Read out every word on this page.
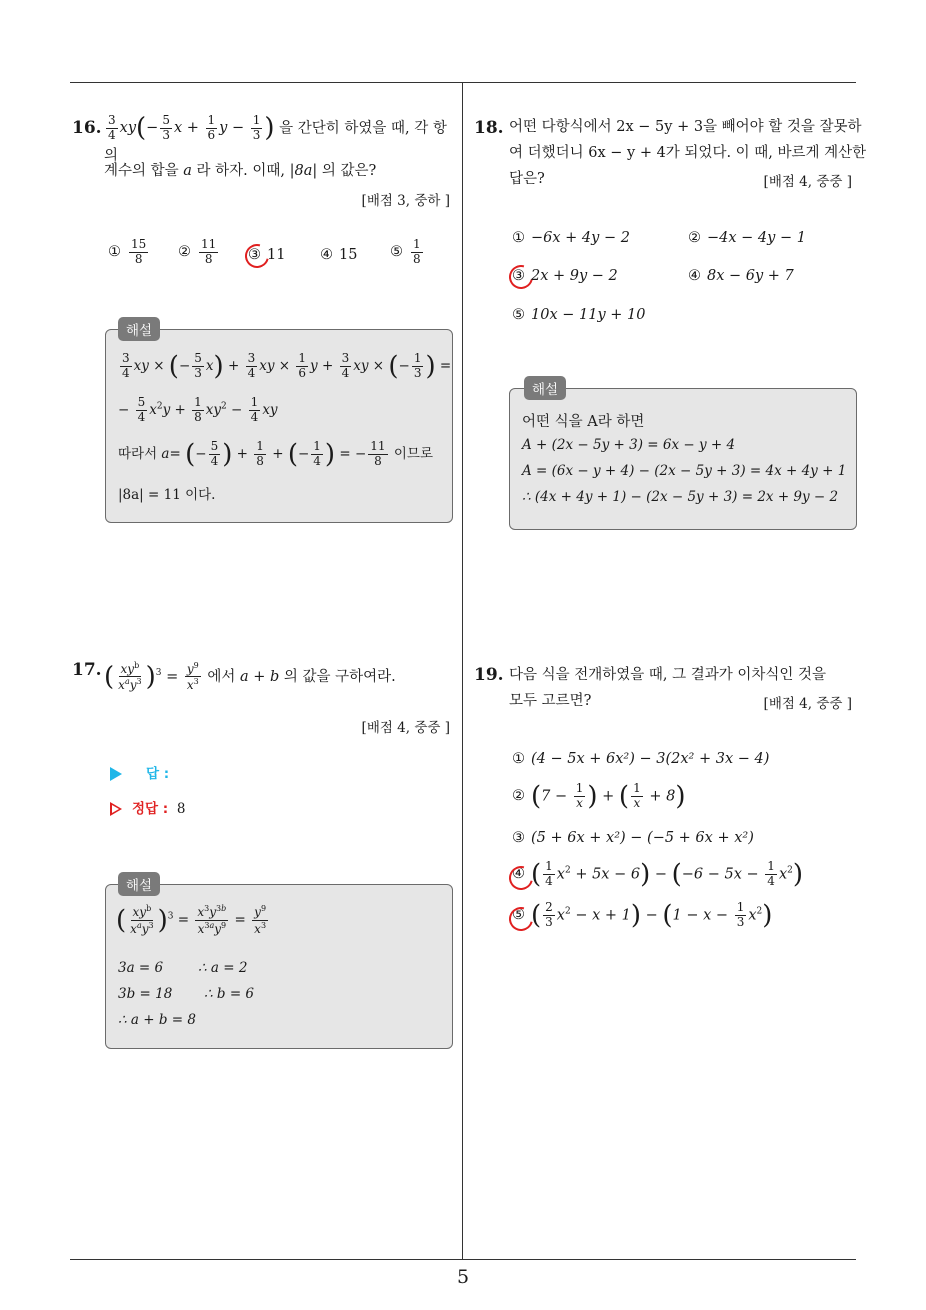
16. $\frac{3}{4} xy(- \frac{5}{3}$ $x + \frac{1}{6}$ $y - \frac{1}{3}$ ) 을 간단히 하였을 때, 각 항의
계수의 합을 a 라 하자. 이때, |8a| 의 값은?
[배점 3, 중하 ]
① $\frac{15}{8}$ ② $\frac{11}{8}$ ③ 11 ④ 15 ⑤ $\frac{1}{8}$
해설
$\frac{3}{4}$ xy × (− $\frac{5}{3} x) + \frac{3}{4}$ xy × $\frac{1}{6}$ $y + \frac{3}{4}$ xy × (− $\frac{1}{3}$ ) =
− $\frac{5}{4} x^2y + \frac{1}{8} xy^2 - \frac{1}{4}$ xy
따라서 a= (− $\frac{5}{4}$ ) + $\frac{1}{8}$ + (− $\frac{1}{4}$ ) = − $\frac{11}{8}$ 이므로
|8a| = 11 이다.
17. ( $\frac{xy^b}{x^ay^3} )^3 = \frac{y^9}{x^3}$ 에서 a + b 의 값을 구하여라.
[배점 4, 중중 ]
답 :
정답 : 8
해설
( $\frac{xy^b}{x^ay^3} )^3 = \frac{x^3y^{3b}}{x^{3a}y^9} = \frac{y^9}{x^3}$
3a = 6	∴ a = 2
3b = 18 ∴ b = 6
∴ a + b = 8
18. 어떤 다항식에서 2x − 5y + 3을 빼어야 할 것을 잘못하
여 더했더니 6x − y + 4가 되었다. 이 때, 바르게 계산한
답은?	[배점 4, 중중 ]
① −6x + 4y − 2	② −4x − 4y − 1
③ 2x + 9y − 2	④ 8x − 6y + 7
⑤ 10x − 11y + 10
해설
어떤 식을 A라 하면
A + (2x − 5y + 3) = 6x − y + 4
A = (6x − y + 4) − (2x − 5y + 3) = 4x + 4y + 1
∴ (4x + 4y + 1) − (2x − 5y + 3) = 2x + 9y − 2
19. 다음 식을 전개하였을 때, 그 결과가 이차식인 것을
모두 고르면?	[배점 4, 중중 ]
① (4 − 5x + 6x²) − 3(2x² + 3x − 4)
② ($7 - \frac{1}{x}$ ) + ( $\frac{1}{x} + 8$)
③ (5 + 6x + x²) − (−5 + 6x + x²)
④ ( $\frac{1}{4} x^2 + 5x - 6) - (-6 - 5x - \frac{1}{4} x^2)$
⑤ ( $\frac{2}{3} x^2 - x + 1) - (1 - x - \frac{1}{3} x^2)$
5
